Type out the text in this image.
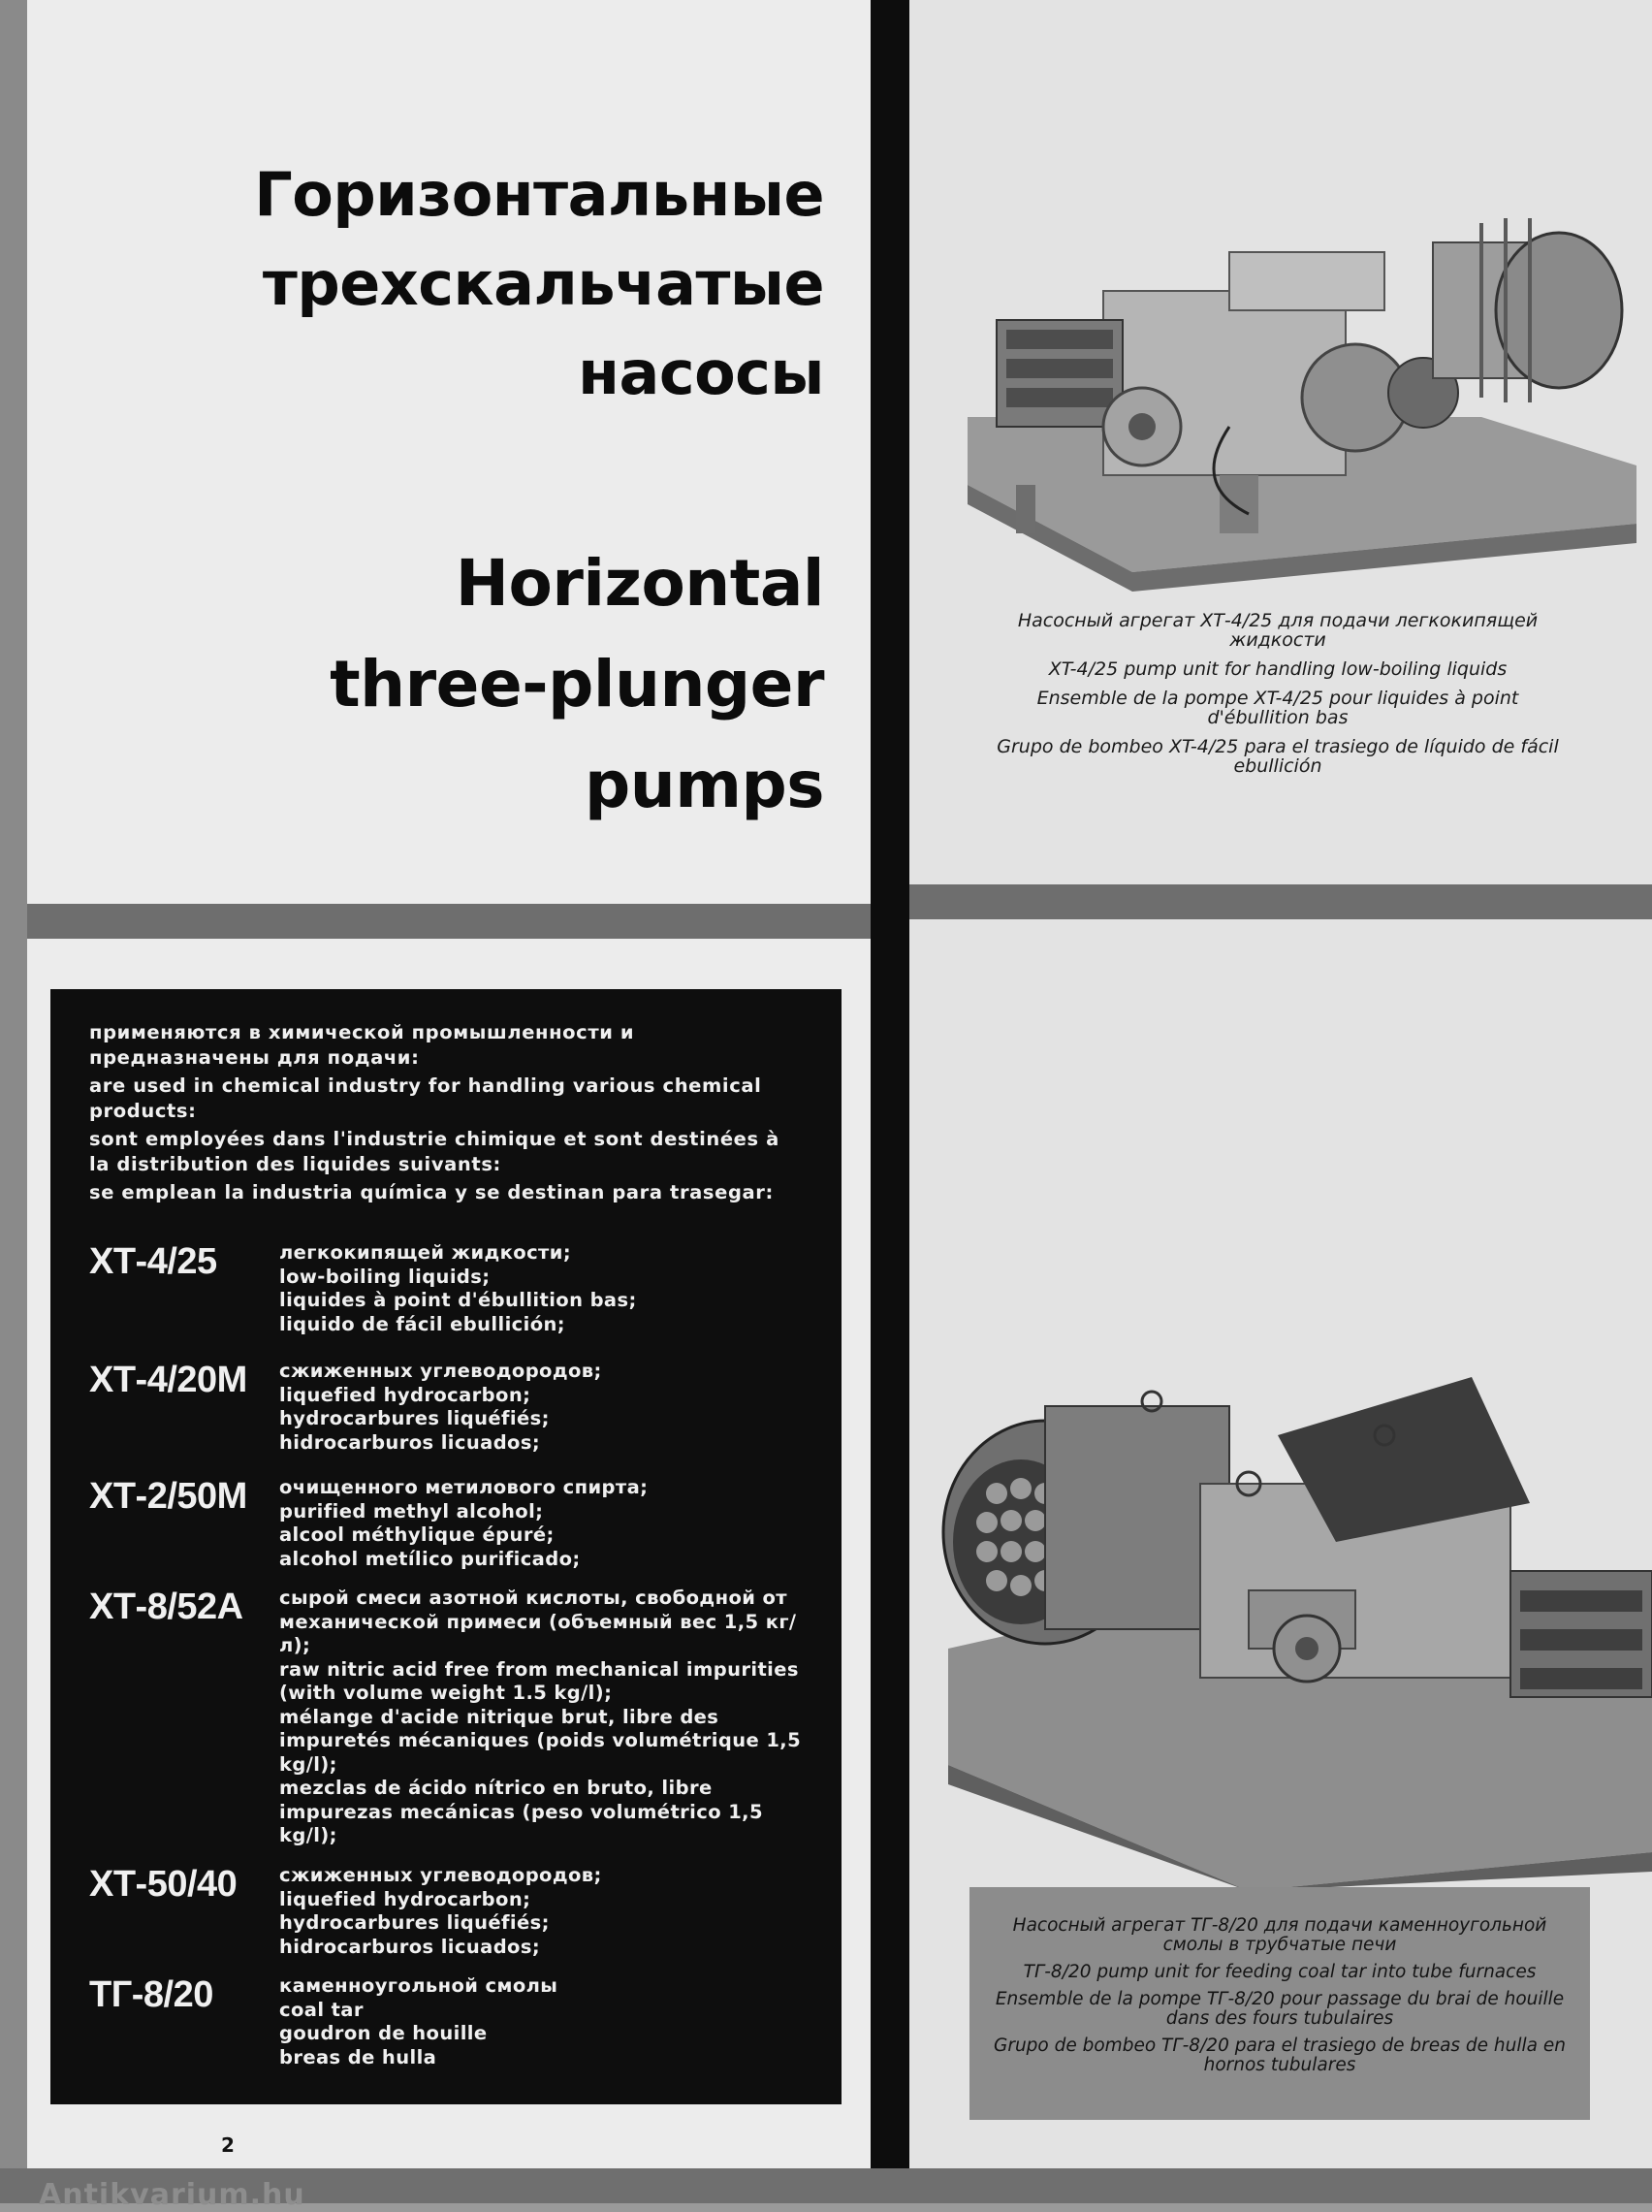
Горизонтальные
трехскальчатые
насосы
Horizontal
three-plunger
pumps

применяются в химической промышленности и предназначены для подачи:

are used in chemical industry for handling various chemical products:

sont employées dans l'industrie chimique et sont destinées à la distribution des liquides suivants:

se emplean la industria química y se destinan para trasegar:

ХТ-4/25	легкокипящей жидкости;
low-boiling liquids;
liquides à point d'ébullition bas;
liquido de fácil ebullición;
ХТ-4/20М	сжиженных углеводородов;
liquefied hydrocarbon;
hydrocarbures liquéfiés;
hidrocarburos licuados;
ХТ-2/50М	очищенного метилового спирта;
purified methyl alcohol;
alcool méthylique épuré;
alcohol metílico purificado;
ХТ-8/52А	сырой смеси азотной кислоты, свободной от механической примеси (объемный вес 1,5 кг/л);
raw nitric acid free from mechanical impurities (with volume weight 1.5 kg/l);
mélange d'acide nitrique brut, libre des impuretés mécaniques (poids volumétrique 1,5 kg/l);
mezclas de ácido nítrico en bruto, libre impurezas mecánicas (peso volumétrico 1,5 kg/l);
ХТ-50/40	сжиженных углеводородов;
liquefied hydrocarbon;
hydrocarbures liquéfiés;
hidrocarburos licuados;
ТГ-8/20	каменноугольной смолы
coal tar
goudron de houille
breas de hulla
2

Насосный агрегат ХТ-4/25 для подачи легкокипящей жидкости

XT-4/25 pump unit for handling low-boiling liquids

Ensemble de la pompe XT-4/25 pour liquides à point d'ébullition bas

Grupo de bombeo XT-4/25 para el trasiego de líquido de fácil ebullición

Насосный агрегат ТГ-8/20 для подачи каменноугольной смолы в трубчатые печи

ТГ-8/20 pump unit for feeding coal tar into tube furnaces

Ensemble de la pompe ТГ-8/20 pour passage du brai de houille dans des fours tubulaires

Grupo de bombeo ТГ-8/20 para el trasiego de breas de hulla en hornos tubulares

Antikvarium.hu
